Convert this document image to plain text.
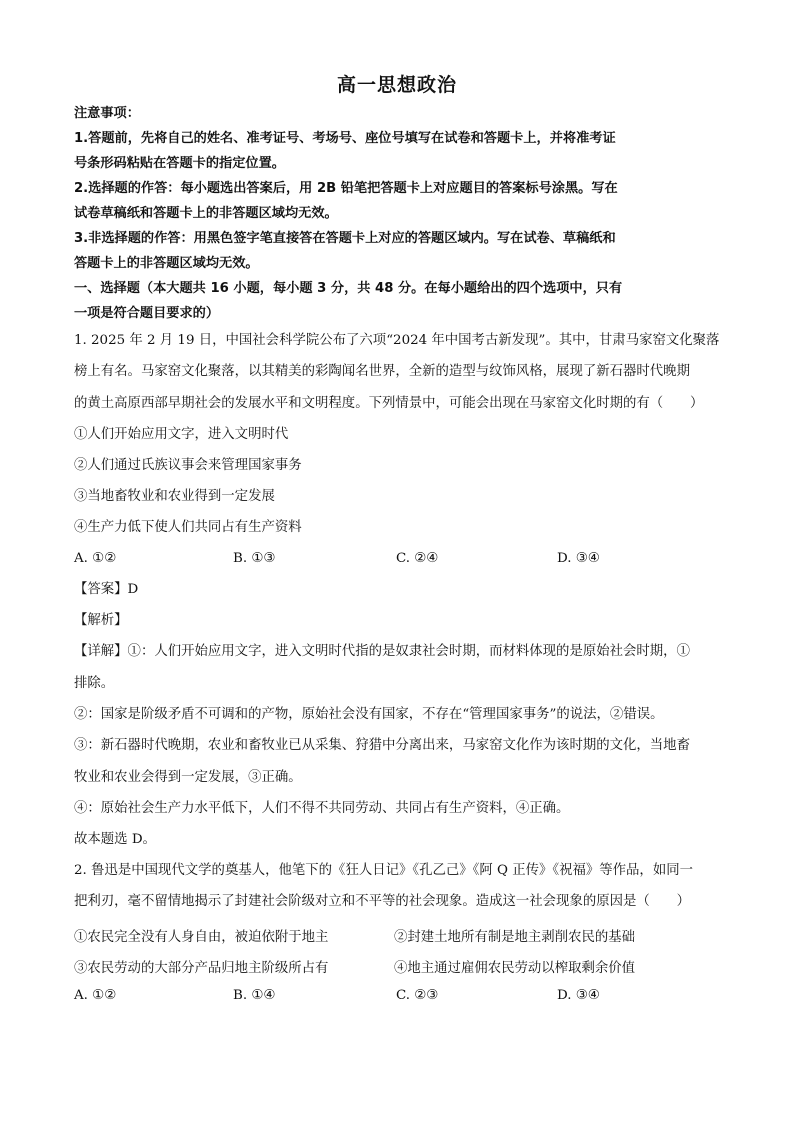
高一思想政治
注意事项：
1.答题前，先将自己的姓名、准考证号、考场号、座位号填写在试卷和答题卡上，并将准考证
号条形码粘贴在答题卡的指定位置。
2.选择题的作答：每小题选出答案后，用 2B 铅笔把答题卡上对应题目的答案标号涂黑。写在
试卷草稿纸和答题卡上的非答题区域均无效。
3.非选择题的作答：用黑色签字笔直接答在答题卡上对应的答题区域内。写在试卷、草稿纸和
答题卡上的非答题区域均无效。
一、选择题（本大题共 16 小题，每小题 3 分，共 48 分。在每小题给出的四个选项中，只有
一项是符合题目要求的）
1. 2025 年 2 月 19 日，中国社会科学院公布了六项“2024 年中国考古新发现”。其中，甘肃马家窑文化聚落
榜上有名。马家窑文化聚落，以其精美的彩陶闻名世界，全新的造型与纹饰风格，展现了新石器时代晚期
的黄土高原西部早期社会的发展水平和文明程度。下列情景中，可能会出现在马家窑文化时期的有（　　）
①人们开始应用文字，进入文明时代
②人们通过氏族议事会来管理国家事务
③当地畜牧业和农业得到一定发展
④生产力低下使人们共同占有生产资料
A. ①②	B. ①③	C. ②④	D. ③④
【答案】D
【解析】
【详解】①：人们开始应用文字，进入文明时代指的是奴隶社会时期，而材料体现的是原始社会时期，①
排除。
②：国家是阶级矛盾不可调和的产物，原始社会没有国家，不存在“管理国家事务”的说法，②错误。
③：新石器时代晚期，农业和畜牧业已从采集、狩猎中分离出来，马家窑文化作为该时期的文化，当地畜
牧业和农业会得到一定发展，③正确。
④：原始社会生产力水平低下，人们不得不共同劳动、共同占有生产资料，④正确。
故本题选 D。
2. 鲁迅是中国现代文学的奠基人，他笔下的《狂人日记》《孔乙己》《阿 Q 正传》《祝福》等作品，如同一
把利刃，毫不留情地揭示了封建社会阶级对立和不平等的社会现象。造成这一社会现象的原因是（　　）
①农民完全没有人身自由，被迫依附于地主	②封建土地所有制是地主剥削农民的基础
③农民劳动的大部分产品归地主阶级所占有	④地主通过雇佣农民劳动以榨取剩余价值
A. ①②	B. ①④	C. ②③	D. ③④
